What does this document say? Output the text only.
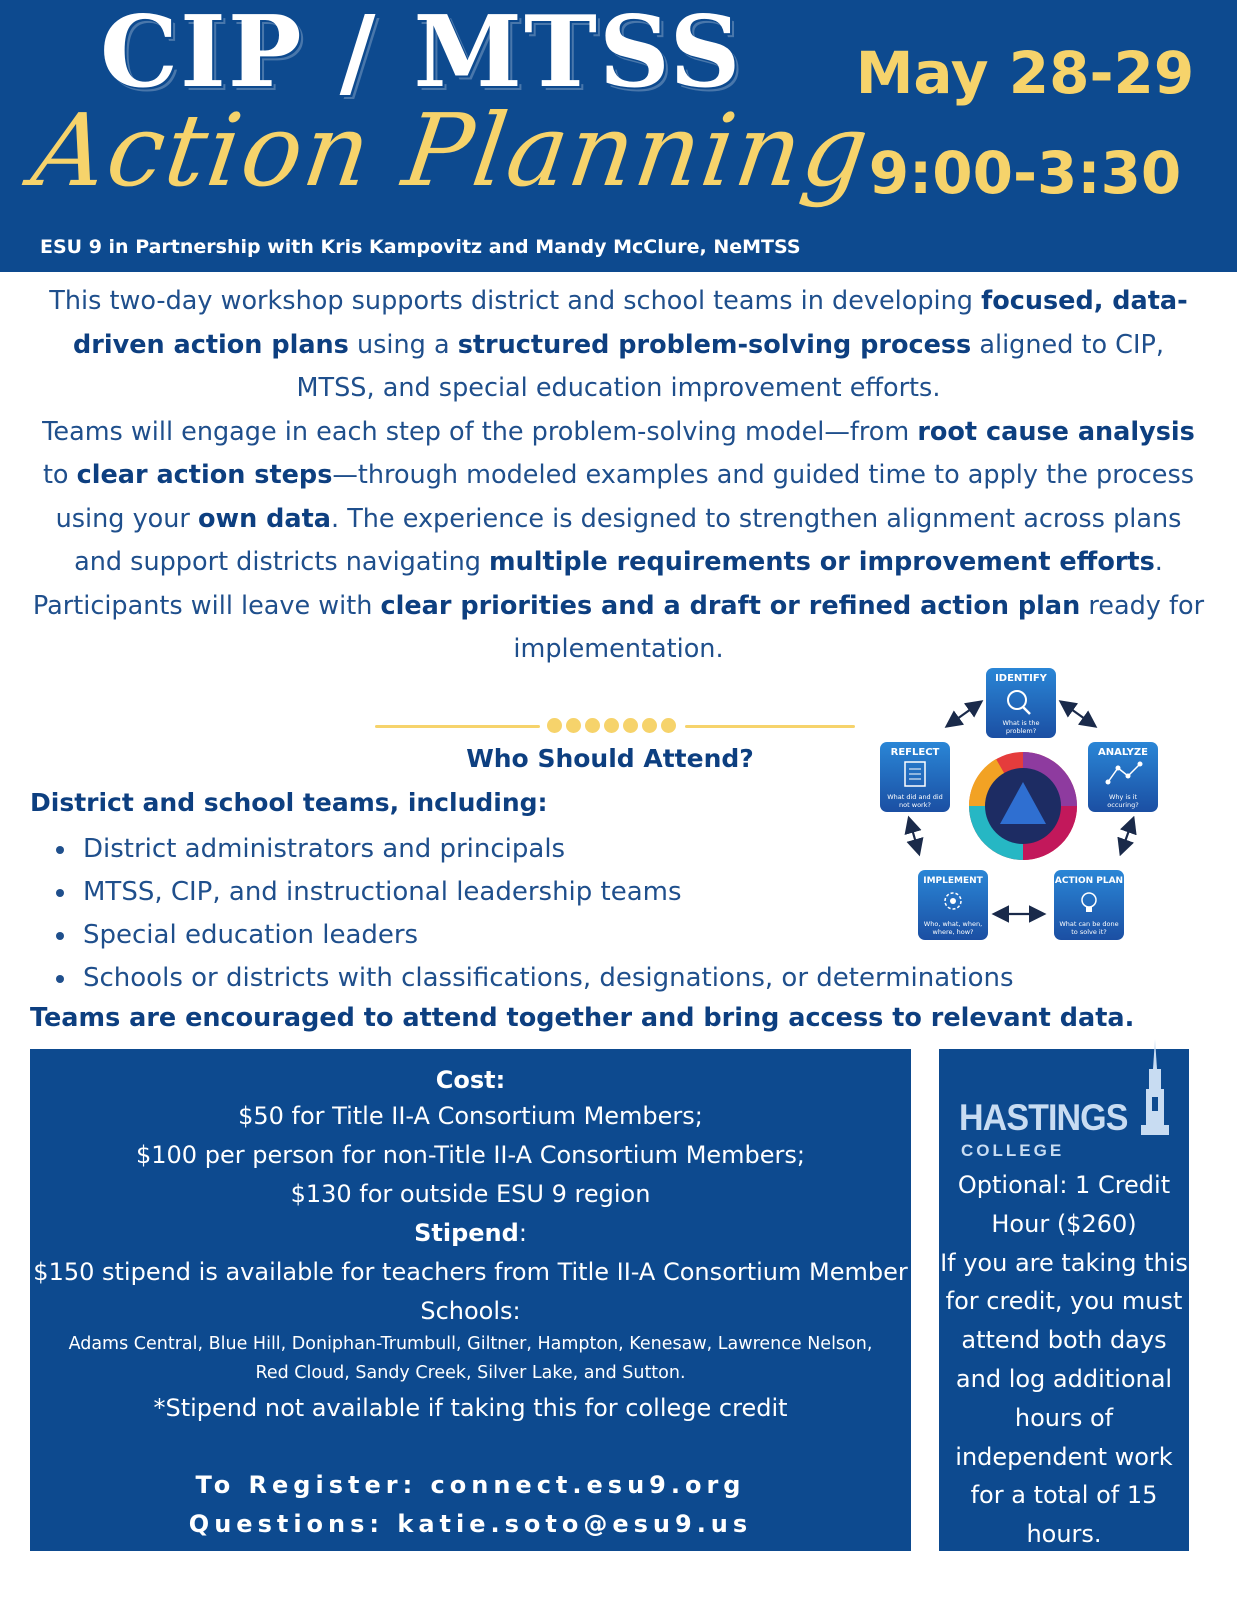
CIP / MTSS
Action Planning
ESU 9 in Partnership with Kris Kampovitz and Mandy McClure, NeMTSS
May 28-29
9:00-3:30
This two-day workshop supports district and school teams in developing focused, data-driven action plans using a structured problem-solving process aligned to CIP, MTSS, and special education improvement efforts.
Teams will engage in each step of the problem-solving model—from root cause analysis to clear action steps—through modeled examples and guided time to apply the process using your own data. The experience is designed to strengthen alignment across plans and support districts navigating multiple requirements or improvement efforts.
Participants will leave with clear priorities and a draft or refined action plan ready for implementation.
Who Should Attend?
District and school teams, including:
District administrators and principals
MTSS, CIP, and instructional leadership teams
Special education leaders
Schools or districts with classifications, designations, or determinations
Teams are encouraged to attend together and bring access to relevant data.
IDENTIFY
What is the
problem?
ANALYZE
Why is it
occuring?
ACTION PLAN
What can be done
to solve it?
IMPLEMENT
Who, what, when,
where, how?
REFLECT
What did and did
not work?
Cost:
$50 for Title II-A Consortium Members;
$100 per person for non-Title II-A Consortium Members;
$130 for outside ESU 9 region
Stipend:
$150 stipend is available for teachers from Title II-A Consortium Member
Schools:
Adams Central, Blue Hill, Doniphan-Trumbull, Giltner, Hampton, Kenesaw, Lawrence Nelson,
Red Cloud, Sandy Creek, Silver Lake, and Sutton.
*Stipend not available if taking this for college credit
To Register: connect.esu9.org
Questions: katie.soto@esu9.us
HASTINGS
COLLEGE
Optional: 1 Credit
Hour ($260)
If you are taking this
for credit, you must
attend both days
and log additional
hours of
independent work
for a total of 15
hours.
